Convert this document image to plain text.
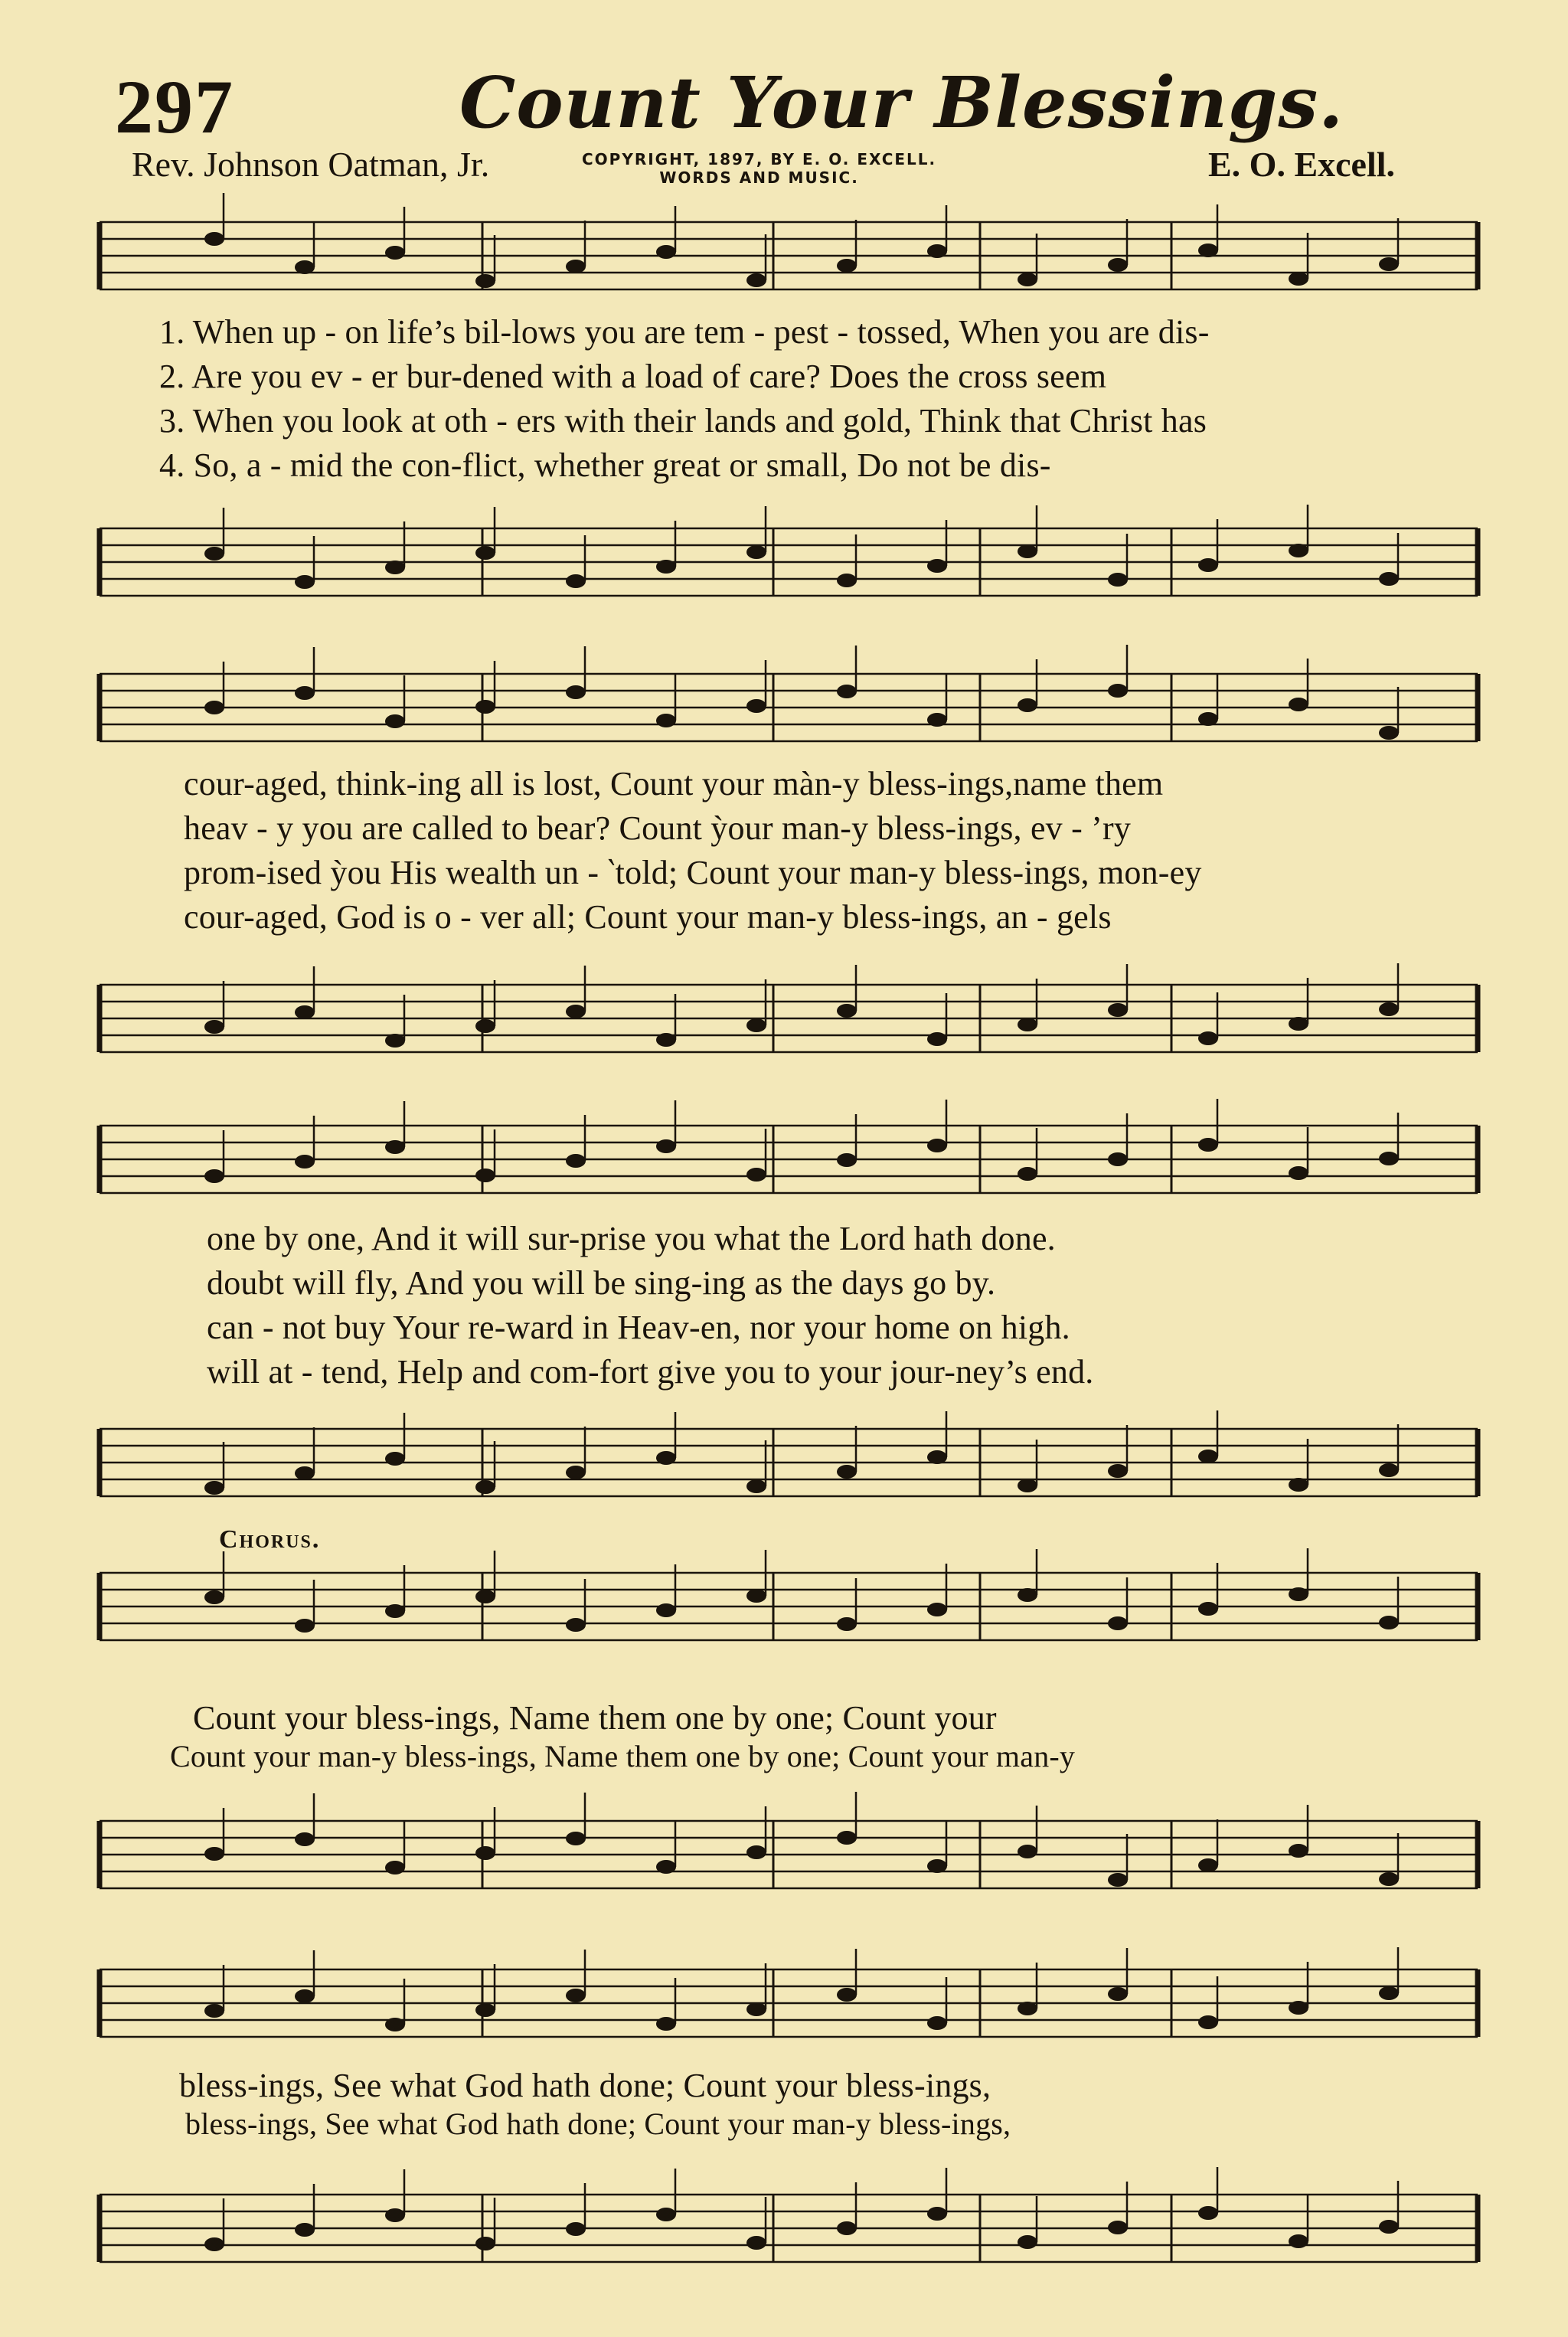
297	Count Your Blessings.
Rev. Johnson Oatman, Jr.	COPYRIGHT, 1897, BY E. O. EXCELL.
WORDS AND MUSIC.	E. O. Excell.
1. When up - on life’s bil-lows you are tem - pest - tossed, When you are dis-
2. Are you ev - er bur-dened with a load of care? Does the cross seem
3. When you look at oth - ers with their lands and gold, Think that Christ has
4. So, a - mid the con-flict, whether great or small, Do not be dis-
cour-aged, think-ing all is lost, Count your màn-y bless-ings,name them
heav - y you are called to bear? Count ỳour man-y bless-ings, ev - ’ry
prom-ised ỳou His wealth un - ‵told; Count your man-y bless-ings, mon-ey
cour-aged, God is o - ver all; Count your man-y bless-ings, an - gels
one by one, And it will sur-prise you what the Lord hath done.
doubt will fly, And you will be sing-ing as the days go by.
can - not buy Your re-ward in Heav-en, nor your home on high.
will at - tend, Help and com-fort give you to your jour-ney’s end.
Chorus.
Count your bless-ings, Name them one by one; Count your
Count your man-y bless-ings, Name them one by one; Count your man-y
bless-ings, See what God hath done; Count your bless-ings,
bless-ings, See what God hath done; Count your man-y bless-ings,
